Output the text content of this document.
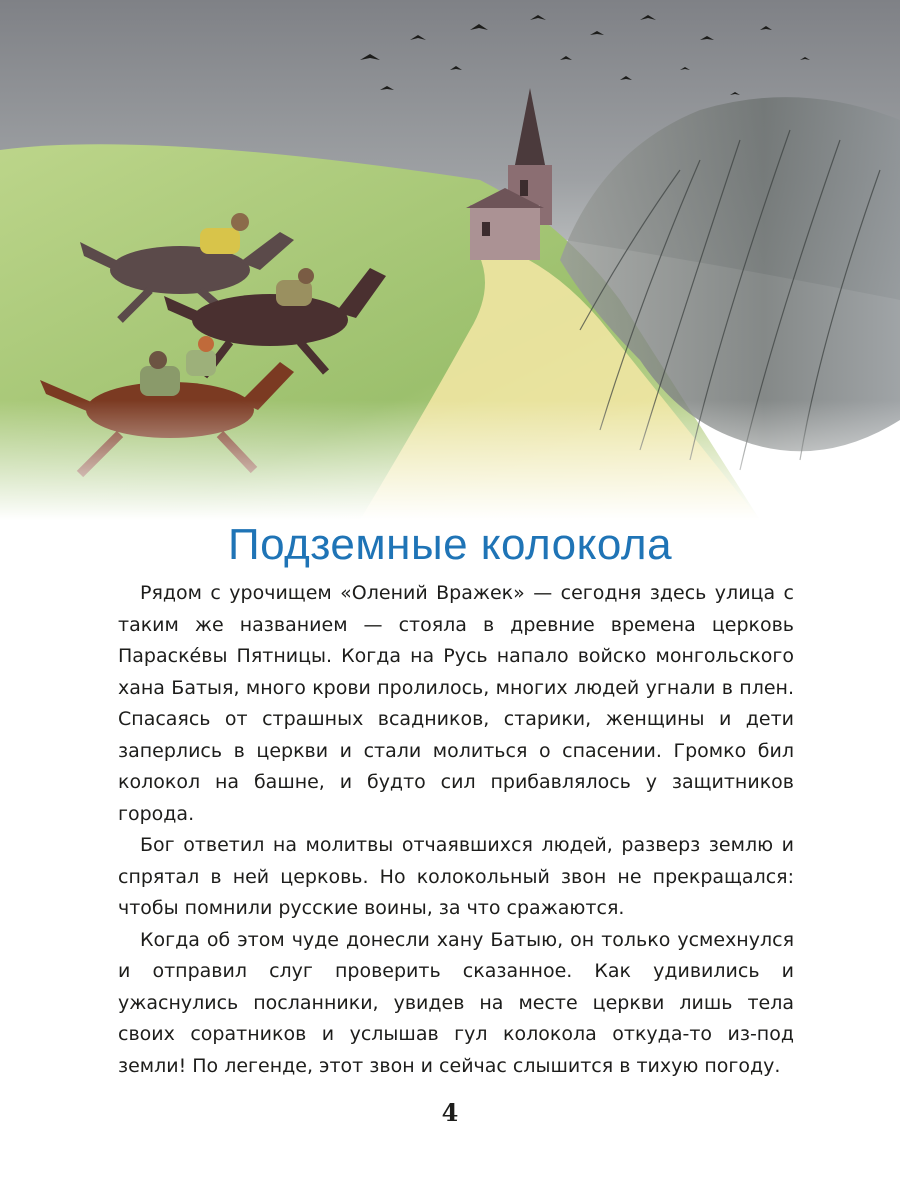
Подземные колокола

Рядом с урочищем «Олений Вражек» — сегодня здесь улица с таким же названием — стояла в древние времена церковь Параске́вы Пятницы. Когда на Русь напало войско монгольского хана Батыя, много крови пролилось, многих людей угнали в плен. Спасаясь от страшных всадников, старики, женщины и дети заперлись в церкви и стали молиться о спасении. Громко бил колокол на башне, и будто сил прибавлялось у защитников города.

Бог ответил на молитвы отчаявшихся людей, разверз землю и спрятал в ней церковь. Но колокольный звон не прекращался: чтобы помнили русские воины, за что сражаются.

Когда об этом чуде донесли хану Батыю, он только усмехнулся и отправил слуг проверить сказанное. Как удивились и ужаснулись посланники, увидев на месте церкви лишь тела своих соратников и услышав гул колокола откуда-то из-под земли! По легенде, этот звон и сейчас слышится в тихую погоду.

4
